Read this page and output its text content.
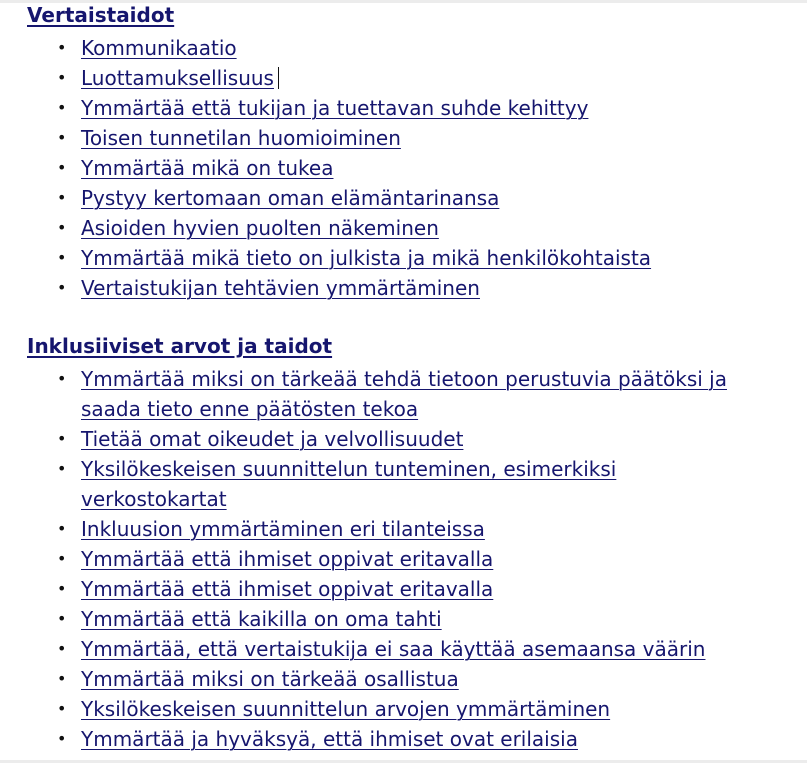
Vertaistaidot
• Kommunikaatio
• Luottamuksellisuus
• Ymmärtää että tukijan ja tuettavan suhde kehittyy
• Toisen tunnetilan huomioiminen
• Ymmärtää mikä on tukea
• Pystyy kertomaan oman elämäntarinansa
• Asioiden hyvien puolten näkeminen
• Ymmärtää mikä tieto on julkista ja mikä henkilökohtaista
• Vertaistukijan tehtävien ymmärtäminen
Inklusiiviset arvot ja taidot
• Ymmärtää miksi on tärkeää tehdä tietoon perustuvia päätöksi ja saada tieto enne päätösten tekoa
• Tietää omat oikeudet ja velvollisuudet
• Yksilökeskeisen suunnittelun tunteminen, esimerkiksi verkostokartat
• Inkluusion ymmärtäminen eri tilanteissa
• Ymmärtää että ihmiset oppivat eritavalla
• Ymmärtää että ihmiset oppivat eritavalla
• Ymmärtää että kaikilla on oma tahti
• Ymmärtää, että vertaistukija ei saa käyttää asemaansa väärin
• Ymmärtää miksi on tärkeää osallistua
• Yksilökeskeisen suunnittelun arvojen ymmärtäminen
• Ymmärtää ja hyväksyä, että ihmiset ovat erilaisia
